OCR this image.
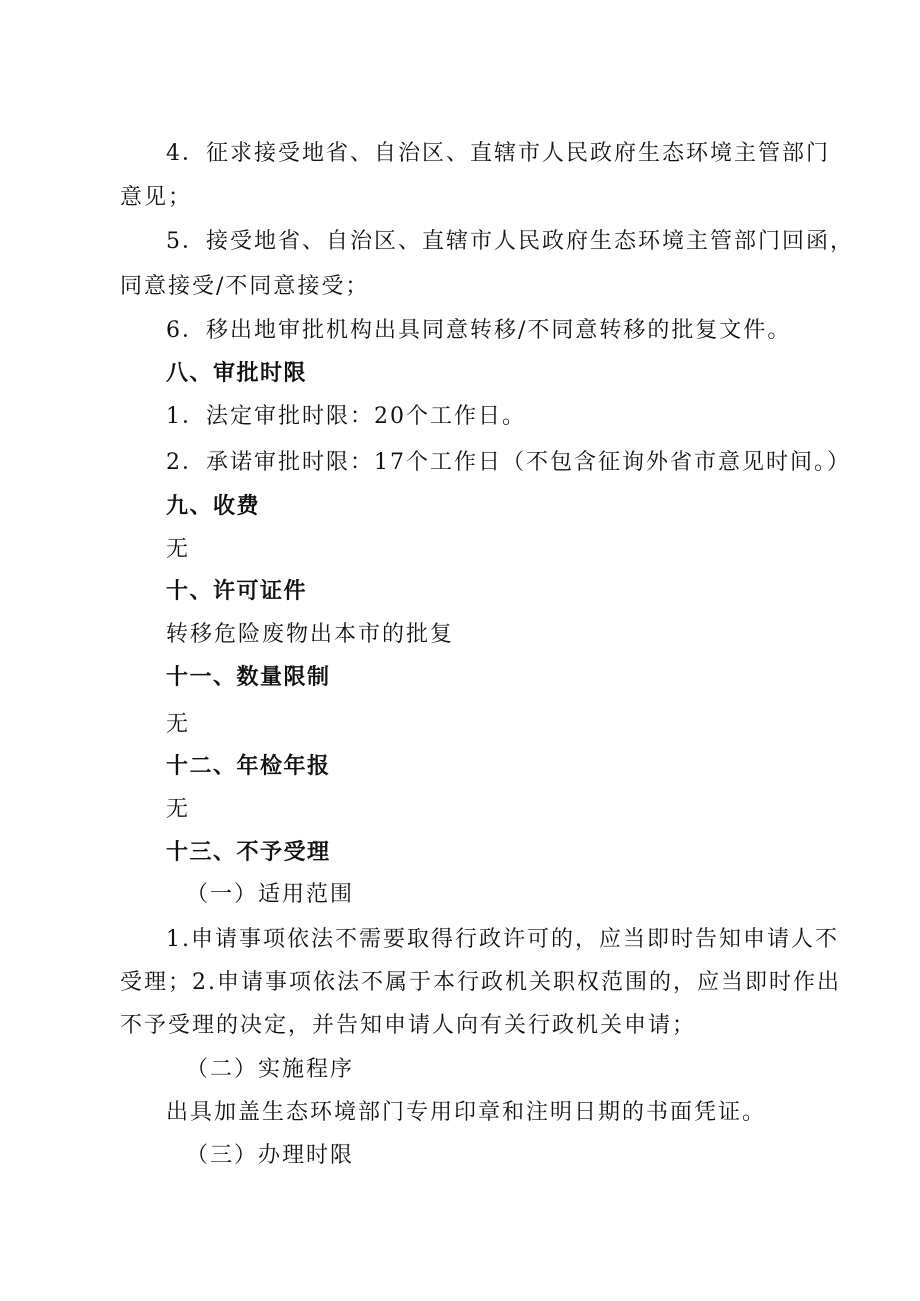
4．征求接受地省、自治区、直辖市人民政府生态环境主管部门
意见；
5．接受地省、自治区、直辖市人民政府生态环境主管部门回函，
同意接受/不同意接受；
6．移出地审批机构出具同意转移/不同意转移的批复文件。
八、审批时限
1．法定审批时限：20个工作日。
2．承诺审批时限：17个工作日（不包含征询外省市意见时间。）
九、收费
无
十、许可证件
转移危险废物出本市的批复
十一、数量限制
无
十二、年检年报
无
十三、不予受理
（一）适用范围
1.申请事项依法不需要取得行政许可的，应当即时告知申请人不
受理；2.申请事项依法不属于本行政机关职权范围的，应当即时作出
不予受理的决定，并告知申请人向有关行政机关申请；
（二）实施程序
出具加盖生态环境部门专用印章和注明日期的书面凭证。
（三）办理时限
